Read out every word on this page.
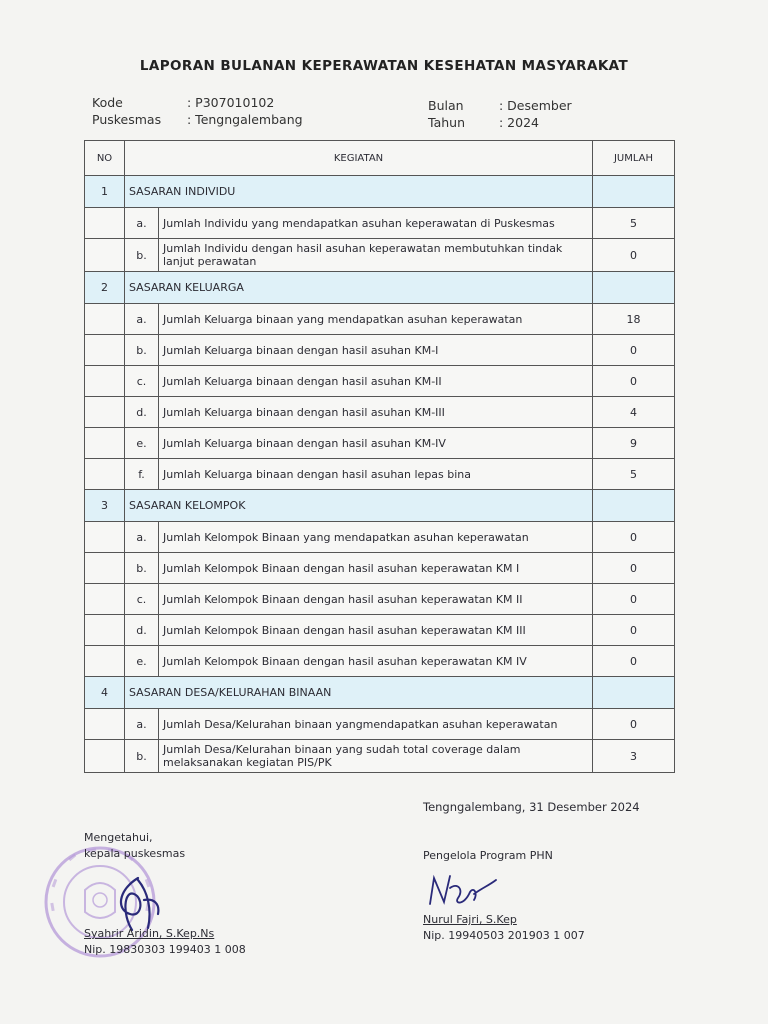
LAPORAN BULANAN KEPERAWATAN KESEHATAN MASYARAKAT
Kode	: P307010102
Puskesmas : Tengngalembang
Bulan	: Desember
Tahun	: 2024
NO	KEGIATAN		JUMLAH
1	SASARAN INDIVIDU		
	a.	Jumlah Individu yang mendapatkan asuhan keperawatan di Puskesmas	5
	b.	Jumlah Individu dengan hasil asuhan keperawatan membutuhkan tindak lanjut perawatan	0
2	SASARAN KELUARGA		
	a.	Jumlah Keluarga binaan yang mendapatkan asuhan keperawatan	18
	b.	Jumlah Keluarga binaan dengan hasil asuhan KM-I	0
	c.	Jumlah Keluarga binaan dengan hasil asuhan KM-II	0
	d.	Jumlah Keluarga binaan dengan hasil asuhan KM-III	4
	e.	Jumlah Keluarga binaan dengan hasil asuhan KM-IV	9
	f.	Jumlah Keluarga binaan dengan hasil asuhan lepas bina	5
3	SASARAN KELOMPOK		
	a.	Jumlah Kelompok Binaan yang mendapatkan asuhan keperawatan	0
	b.	Jumlah Kelompok Binaan dengan hasil asuhan keperawatan KM I	0
	c.	Jumlah Kelompok Binaan dengan hasil asuhan keperawatan KM II	0
	d.	Jumlah Kelompok Binaan dengan hasil asuhan keperawatan KM III	0
	e.	Jumlah Kelompok Binaan dengan hasil asuhan keperawatan KM IV	0
4	SASARAN DESA/KELURAHAN BINAAN		
	a.	Jumlah Desa/Kelurahan binaan yangmendapatkan asuhan keperawatan	0
	b.	Jumlah Desa/Kelurahan binaan yang sudah total coverage dalam melaksanakan kegiatan PIS/PK	3
Tengngalembang, 31 Desember 2024
Mengetahui,
kepala puskesmas
Syahrir Aridin, S.Kep.Ns
Nip. 19830303 199403 1 008
Pengelola Program PHN
Nurul Fajri, S.Kep
Nip. 19940503 201903 1 007
